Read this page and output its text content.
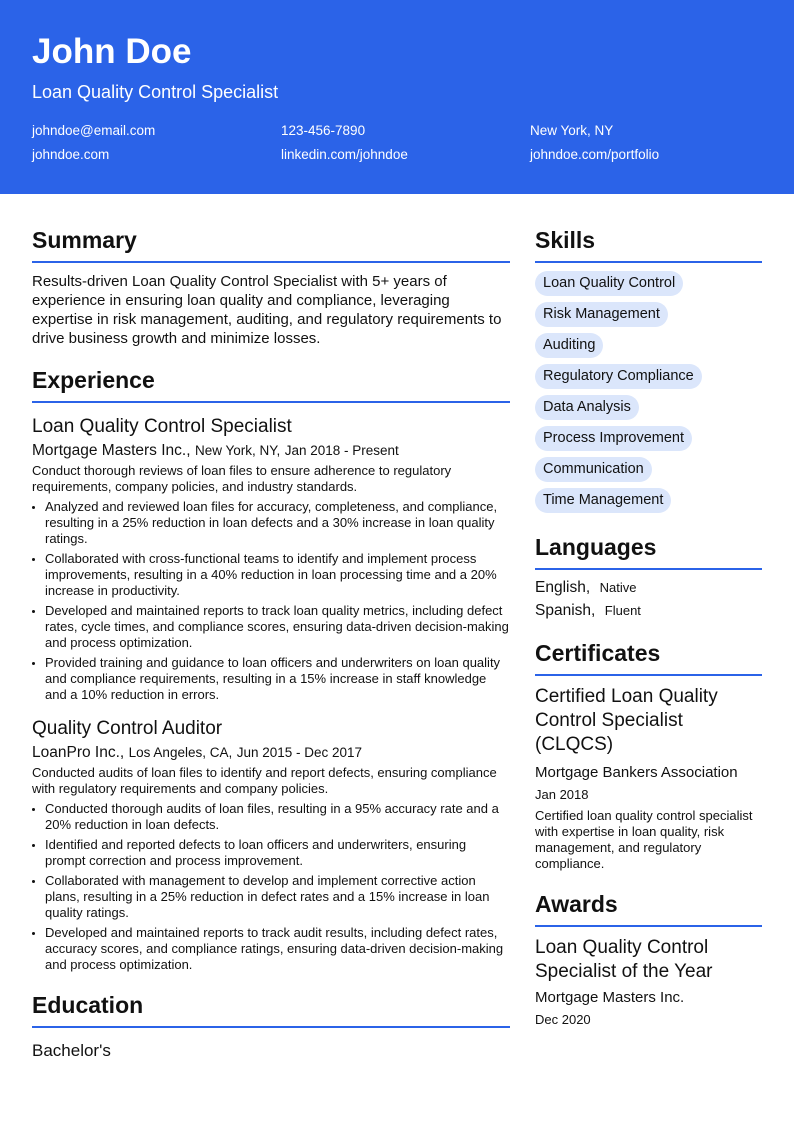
John Doe
Loan Quality Control Specialist
johndoe@email.com	123-456-7890	New York, NY
johndoe.com	linkedin.com/johndoe	johndoe.com/portfolio
Summary
Results-driven Loan Quality Control Specialist with 5+ years of experience in ensuring loan quality and compliance, leveraging expertise in risk management, auditing, and regulatory requirements to drive business growth and minimize losses.
Experience
Loan Quality Control Specialist
Mortgage Masters Inc., New York, NY, Jan 2018 - Present
Conduct thorough reviews of loan files to ensure adherence to regulatory requirements, company policies, and industry standards.
• Analyzed and reviewed loan files for accuracy, completeness, and compliance, resulting in a 25% reduction in loan defects and a 30% increase in loan quality ratings.
• Collaborated with cross-functional teams to identify and implement process improvements, resulting in a 40% reduction in loan processing time and a 20% increase in productivity.
• Developed and maintained reports to track loan quality metrics, including defect rates, cycle times, and compliance scores, ensuring data-driven decision-making and process optimization.
• Provided training and guidance to loan officers and underwriters on loan quality and compliance requirements, resulting in a 15% increase in staff knowledge and a 10% reduction in errors.
Quality Control Auditor
LoanPro Inc., Los Angeles, CA, Jun 2015 - Dec 2017
Conducted audits of loan files to identify and report defects, ensuring compliance with regulatory requirements and company policies.
• Conducted thorough audits of loan files, resulting in a 95% accuracy rate and a 20% reduction in loan defects.
• Identified and reported defects to loan officers and underwriters, ensuring prompt correction and process improvement.
• Collaborated with management to develop and implement corrective action plans, resulting in a 25% reduction in defect rates and a 15% increase in loan quality ratings.
• Developed and maintained reports to track audit results, including defect rates, accuracy scores, and compliance ratings, ensuring data-driven decision-making and process optimization.
Education
Bachelor's
Skills
Loan Quality Control
Risk Management
Auditing
Regulatory Compliance
Data Analysis
Process Improvement
Communication
Time Management
Languages
English, Native
Spanish, Fluent
Certificates
Certified Loan Quality Control Specialist (CLQCS)
Mortgage Bankers Association
Jan 2018
Certified loan quality control specialist with expertise in loan quality, risk management, and regulatory compliance.
Awards
Loan Quality Control Specialist of the Year
Mortgage Masters Inc.
Dec 2020
